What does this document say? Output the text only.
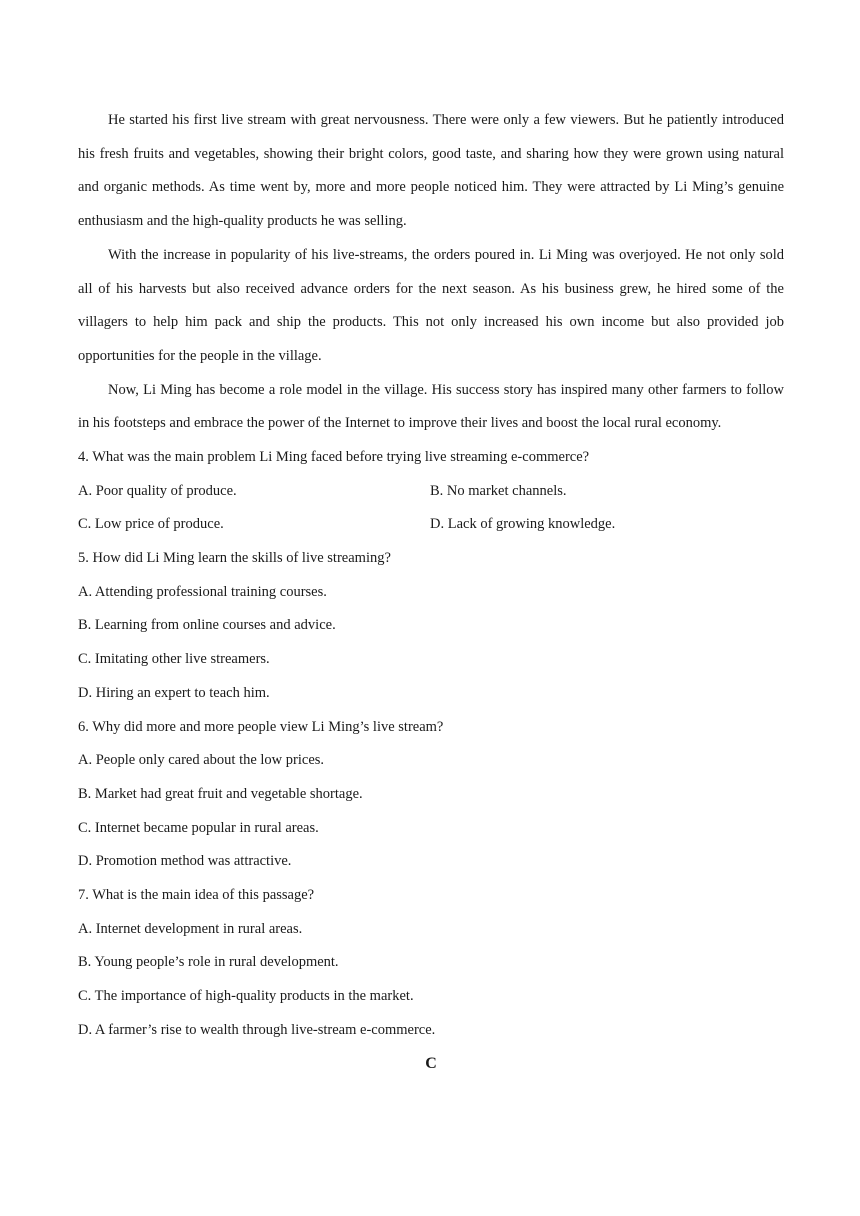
He started his first live stream with great nervousness. There were only a few viewers. But he patiently introduced his fresh fruits and vegetables, showing their bright colors, good taste, and sharing how they were grown using natural and organic methods. As time went by, more and more people noticed him. They were attracted by Li Ming’s genuine enthusiasm and the high-quality products he was selling.

With the increase in popularity of his live-streams, the orders poured in. Li Ming was overjoyed. He not only sold all of his harvests but also received advance orders for the next season. As his business grew, he hired some of the villagers to help him pack and ship the products. This not only increased his own income but also provided job opportunities for the people in the village.

Now, Li Ming has become a role model in the village. His success story has inspired many other farmers to follow in his footsteps and embrace the power of the Internet to improve their lives and boost the local rural economy.

4. What was the main problem Li Ming faced before trying live streaming e-commerce?

A. Poor quality of produce.	B. No market channels.
C. Low price of produce.	D. Lack of growing knowledge.

5. How did Li Ming learn the skills of live streaming?

A. Attending professional training courses.

B. Learning from online courses and advice.

C. Imitating other live streamers.

D. Hiring an expert to teach him.

6. Why did more and more people view Li Ming’s live stream?

A. People only cared about the low prices.

B. Market had great fruit and vegetable shortage.

C. Internet became popular in rural areas.

D. Promotion method was attractive.

7. What is the main idea of this passage?

A. Internet development in rural areas.

B. Young people’s role in rural development.

C. The importance of high-quality products in the market.

D. A farmer’s rise to wealth through live-stream e-commerce.

C
